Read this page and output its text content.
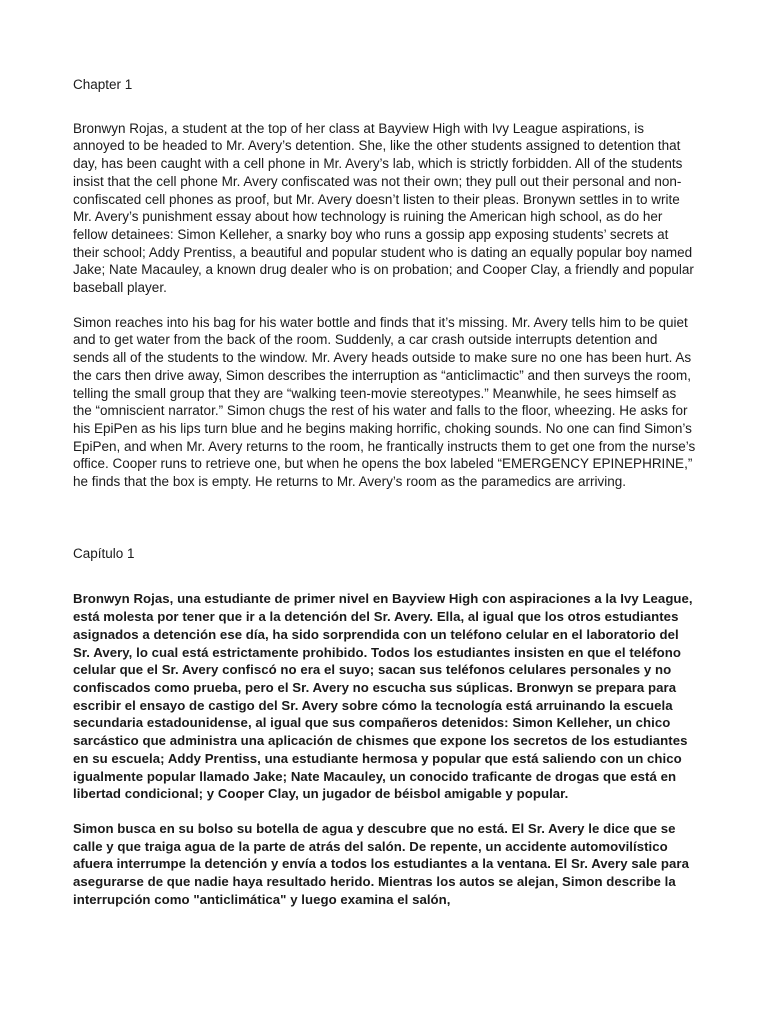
Chapter 1

Bronwyn Rojas, a student at the top of her class at Bayview High with Ivy League aspirations, is annoyed to be headed to Mr. Avery’s detention. She, like the other students assigned to detention that day, has been caught with a cell phone in Mr. Avery’s lab, which is strictly forbidden. All of the students insist that the cell phone Mr. Avery confiscated was not their own; they pull out their personal and non-confiscated cell phones as proof, but Mr. Avery doesn’t listen to their pleas. Bronywn settles in to write Mr. Avery’s punishment essay about how technology is ruining the American high school, as do her fellow detainees: Simon Kelleher, a snarky boy who runs a gossip app exposing students’ secrets at their school; Addy Prentiss, a beautiful and popular student who is dating an equally popular boy named Jake; Nate Macauley, a known drug dealer who is on probation; and Cooper Clay, a friendly and popular baseball player.

Simon reaches into his bag for his water bottle and finds that it’s missing. Mr. Avery tells him to be quiet and to get water from the back of the room. Suddenly, a car crash outside interrupts detention and sends all of the students to the window. Mr. Avery heads outside to make sure no one has been hurt. As the cars then drive away, Simon describes the interruption as “anticlimactic” and then surveys the room, telling the small group that they are “walking teen-movie stereotypes.” Meanwhile, he sees himself as the “omniscient narrator.” Simon chugs the rest of his water and falls to the floor, wheezing. He asks for his EpiPen as his lips turn blue and he begins making horrific, choking sounds. No one can find Simon’s EpiPen, and when Mr. Avery returns to the room, he frantically instructs them to get one from the nurse’s office. Cooper runs to retrieve one, but when he opens the box labeled “EMERGENCY EPINEPHRINE,” he finds that the box is empty. He returns to Mr. Avery’s room as the paramedics are arriving.

Capítulo 1

Bronwyn Rojas, una estudiante de primer nivel en Bayview High con aspiraciones a la Ivy League, está molesta por tener que ir a la detención del Sr. Avery. Ella, al igual que los otros estudiantes asignados a detención ese día, ha sido sorprendida con un teléfono celular en el laboratorio del Sr. Avery, lo cual está estrictamente prohibido. Todos los estudiantes insisten en que el teléfono celular que el Sr. Avery confiscó no era el suyo; sacan sus teléfonos celulares personales y no confiscados como prueba, pero el Sr. Avery no escucha sus súplicas. Bronwyn se prepara para escribir el ensayo de castigo del Sr. Avery sobre cómo la tecnología está arruinando la escuela secundaria estadounidense, al igual que sus compañeros detenidos: Simon Kelleher, un chico sarcástico que administra una aplicación de chismes que expone los secretos de los estudiantes en su escuela; Addy Prentiss, una estudiante hermosa y popular que está saliendo con un chico igualmente popular llamado Jake; Nate Macauley, un conocido traficante de drogas que está en libertad condicional; y Cooper Clay, un jugador de béisbol amigable y popular.

Simon busca en su bolso su botella de agua y descubre que no está. El Sr. Avery le dice que se calle y que traiga agua de la parte de atrás del salón. De repente, un accidente automovilístico afuera interrumpe la detención y envía a todos los estudiantes a la ventana. El Sr. Avery sale para asegurarse de que nadie haya resultado herido. Mientras los autos se alejan, Simon describe la interrupción como "anticlimática" y luego examina el salón,
